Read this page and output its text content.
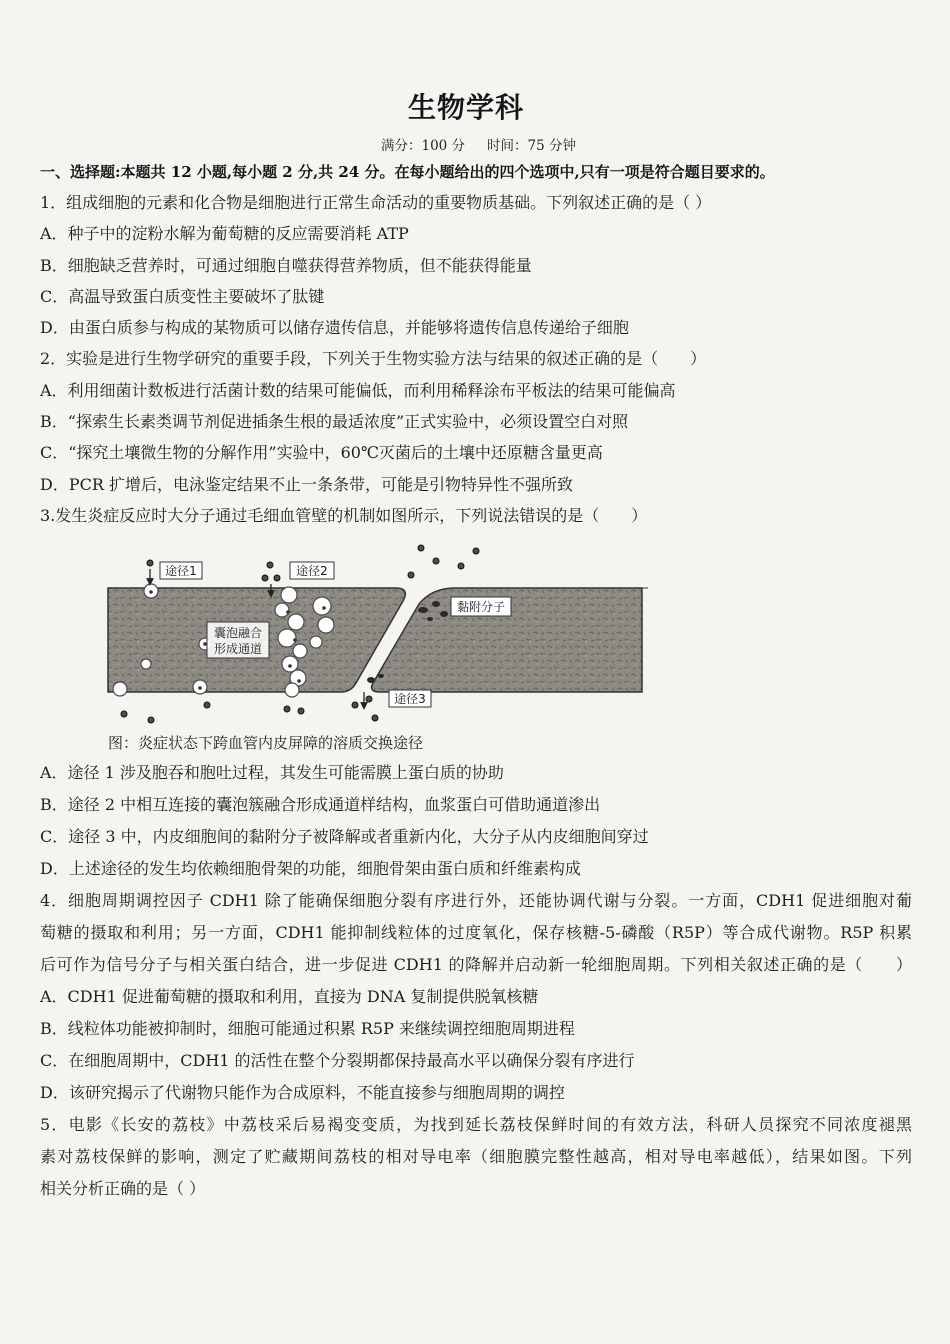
生物学科
满分：100 分 时间：75 分钟
一、选择题:本题共 12 小题,每小题 2 分,共 24 分。在每小题给出的四个选项中,只有一项是符合题目要求的。
1．组成细胞的元素和化合物是细胞进行正常生命活动的重要物质基础。下列叙述正确的是（ ）
A．种子中的淀粉水解为葡萄糖的反应需要消耗 ATP
B．细胞缺乏营养时，可通过细胞自噬获得营养物质，但不能获得能量
C．高温导致蛋白质变性主要破坏了肽键
D．由蛋白质参与构成的某物质可以储存遗传信息，并能够将遗传信息传递给子细胞
2．实验是进行生物学研究的重要手段，下列关于生物实验方法与结果的叙述正确的是（　　）
A．利用细菌计数板进行活菌计数的结果可能偏低，而利用稀释涂布平板法的结果可能偏高
B．“探索生长素类调节剂促进插条生根的最适浓度”正式实验中，必须设置空白对照
C．“探究土壤微生物的分解作用”实验中，60℃灭菌后的土壤中还原糖含量更高
D．PCR 扩增后，电泳鉴定结果不止一条条带，可能是引物特异性不强所致
3.发生炎症反应时大分子通过毛细血管壁的机制如图所示，下列说法错误的是（　　）
途径1	途径2
囊泡融合
形成通道
黏附分子
途径3
图：炎症状态下跨血管内皮屏障的溶质交换途径
A．途径 1 涉及胞吞和胞吐过程，其发生可能需膜上蛋白质的协助
B．途径 2 中相互连接的囊泡簇融合形成通道样结构，血浆蛋白可借助通道渗出
C．途径 3 中，内皮细胞间的黏附分子被降解或者重新内化，大分子从内皮细胞间穿过
D．上述途径的发生均依赖细胞骨架的功能，细胞骨架由蛋白质和纤维素构成
4．细胞周期调控因子 CDH1 除了能确保细胞分裂有序进行外，还能协调代谢与分裂。一方面，CDH1 促进细胞对葡
萄糖的摄取和利用；另一方面，CDH1 能抑制线粒体的过度氧化，保存核糖-5-磷酸（R5P）等合成代谢物。R5P 积累
后可作为信号分子与相关蛋白结合，进一步促进 CDH1 的降解并启动新一轮细胞周期。下列相关叙述正确的是（　　）
A．CDH1 促进葡萄糖的摄取和利用，直接为 DNA 复制提供脱氧核糖
B．线粒体功能被抑制时，细胞可能通过积累 R5P 来继续调控细胞周期进程
C．在细胞周期中，CDH1 的活性在整个分裂期都保持最高水平以确保分裂有序进行
D．该研究揭示了代谢物只能作为合成原料，不能直接参与细胞周期的调控
5．电影《长安的荔枝》中荔枝采后易褐变变质，为找到延长荔枝保鲜时间的有效方法，科研人员探究不同浓度褪黑
素对荔枝保鲜的影响，测定了贮藏期间荔枝的相对导电率（细胞膜完整性越高，相对导电率越低），结果如图。下列
相关分析正确的是（ ）
